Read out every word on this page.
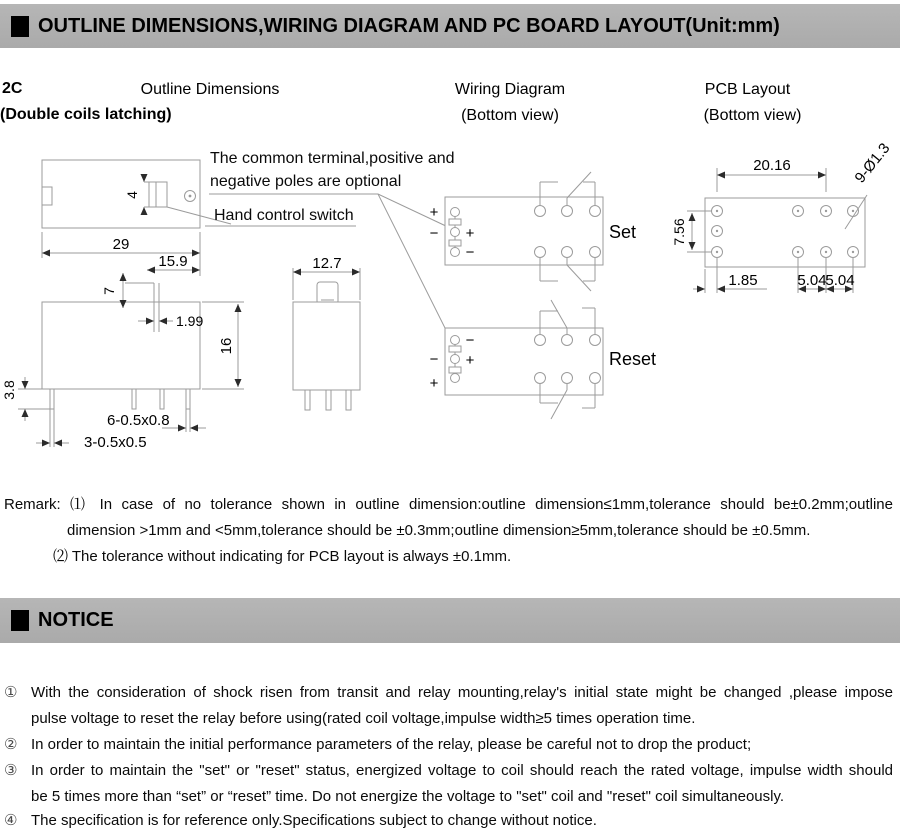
OUTLINE DIMENSIONS,WIRING DIAGRAM AND PC BOARD LAYOUT(Unit:mm)
2C
(Double coils latching)
Outline Dimensions	Wiring Diagram
(Bottom view)
PCB Layout
(Bottom view)
4
The common terminal,positive and
negative poles are optional
Hand control switch
29
15.9
7
1.99
16
3.8
6-0.5x0.8
3-0.5x0.5
12.7
+
− +
−
Set
−
+
−
+
Reset
20.16
7.56
1.85	5.04
5.04
9-Ø1.3
Remark: ⑴ In case of no tolerance shown in outline dimension:outline dimension≤1mm,tolerance should be±0.2mm;outline
dimension >1mm and <5mm,tolerance should be ±0.3mm;outline dimension≥5mm,tolerance should be ±0.5mm.
⑵ The tolerance without indicating for PCB layout is always ±0.1mm.
NOTICE
① With the consideration of shock risen from transit and relay mounting,relay's initial state might be changed ,please impose
pulse voltage to reset the relay before using(rated coil voltage,impulse width≥5 times operation time.
② In order to maintain the initial performance parameters of the relay, please be careful not to drop the product;
③ In order to maintain the "set" or "reset" status, energized voltage to coil should reach the rated voltage, impulse width should
be 5 times more than “set” or “reset” time. Do not energize the voltage to "set" coil and "reset" coil simultaneously.
④ The specification is for reference only.Specifications subject to change without notice.
